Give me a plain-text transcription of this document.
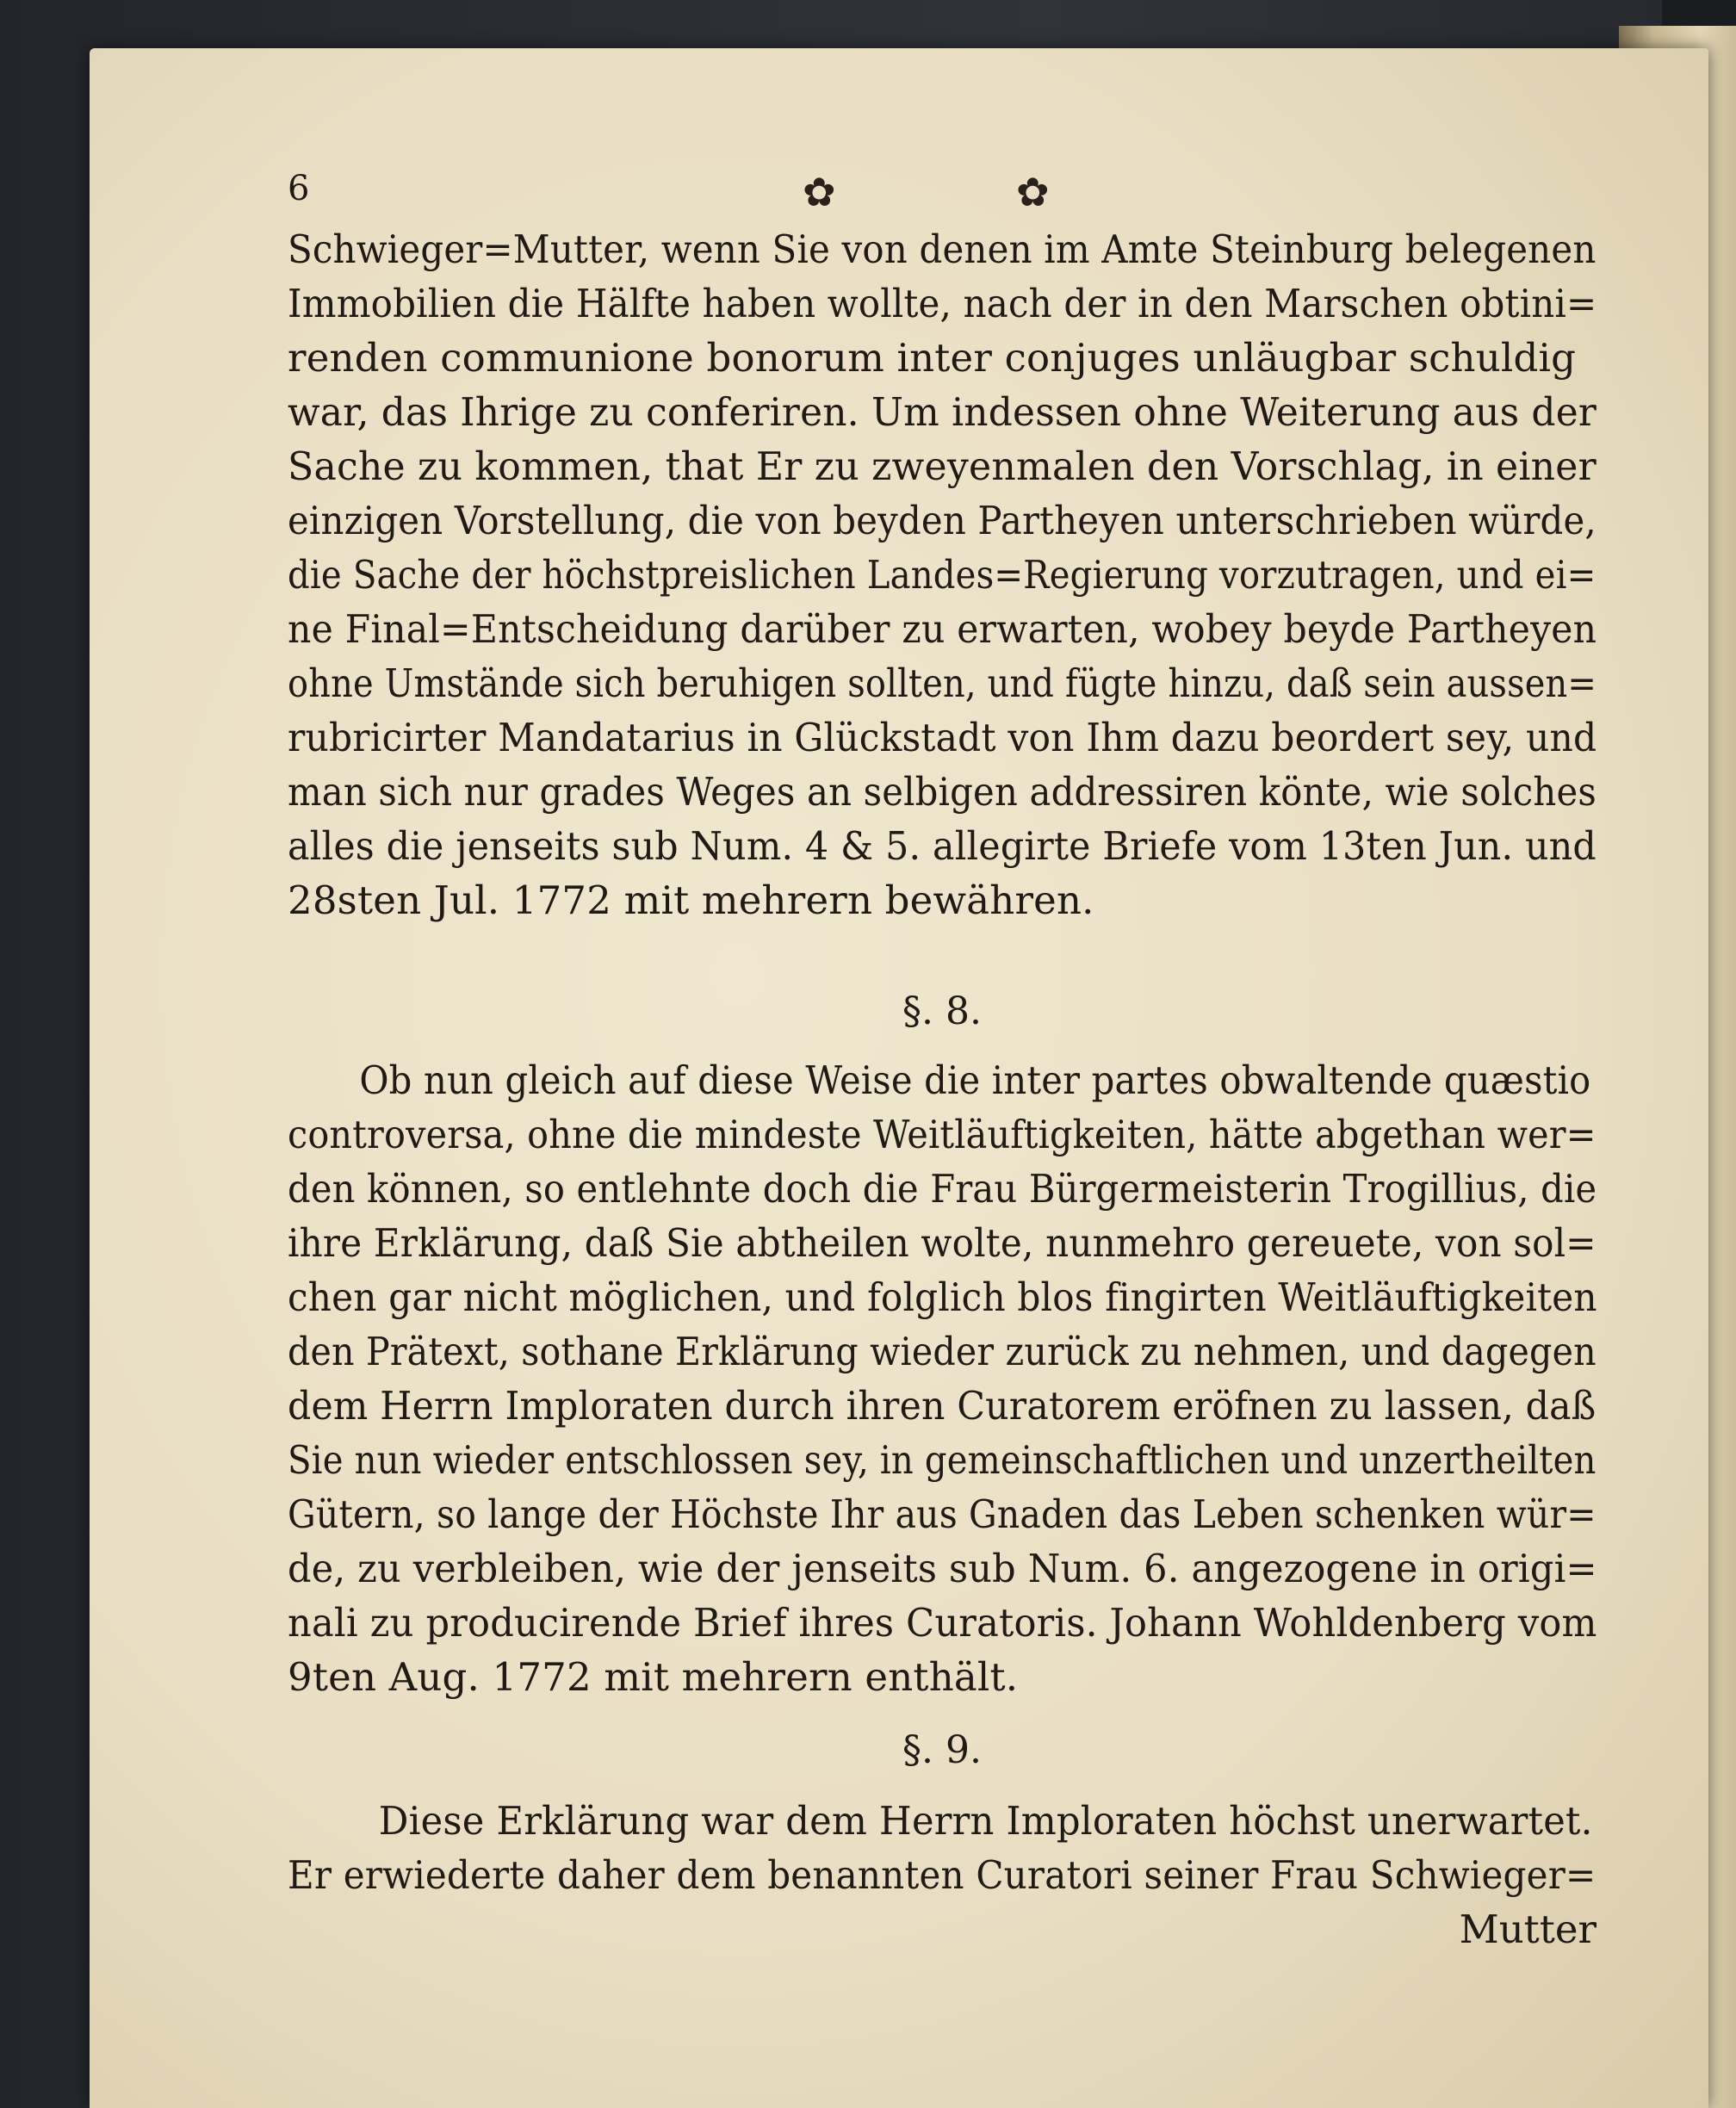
6	✿	✿

Schwieger=Mutter, wenn Sie von denen im Amte Steinburg belegenen
Immobilien die Hälfte haben wollte, nach der in den Marschen obtini=
renden communione bonorum inter conjuges unläugbar schuldig
war, das Ihrige zu conferiren. Um indessen ohne Weiterung aus der
Sache zu kommen, that Er zu zweyenmalen den Vorschlag, in einer
einzigen Vorstellung, die von beyden Partheyen unterschrieben würde,
die Sache der höchstpreislichen Landes=Regierung vorzutragen, und ei=
ne Final=Entscheidung darüber zu erwarten, wobey beyde Partheyen
ohne Umstände sich beruhigen sollten, und fügte hinzu, daß sein aussen=
rubricirter Mandatarius in Glückstadt von Ihm dazu beordert sey, und
man sich nur grades Weges an selbigen addressiren könte, wie solches
alles die jenseits sub Num. 4 & 5. allegirte Briefe vom 13ten Jun. und
28sten Jul. 1772 mit mehrern bewähren.

§. 8.

Ob nun gleich auf diese Weise die inter partes obwaltende quæstio
controversa, ohne die mindeste Weitläuftigkeiten, hätte abgethan wer=
den können, so entlehnte doch die Frau Bürgermeisterin Trogillius, die
ihre Erklärung, daß Sie abtheilen wolte, nunmehro gereuete, von sol=
chen gar nicht möglichen, und folglich blos fingirten Weitläuftigkeiten
den Prätext, sothane Erklärung wieder zurück zu nehmen, und dagegen
dem Herrn Imploraten durch ihren Curatorem eröfnen zu lassen, daß
Sie nun wieder entschlossen sey, in gemeinschaftlichen und unzertheilten
Gütern, so lange der Höchste Ihr aus Gnaden das Leben schenken wür=
de, zu verbleiben, wie der jenseits sub Num. 6. angezogene in origi=
nali zu producirende Brief ihres Curatoris. Johann Wohldenberg vom
9ten Aug. 1772 mit mehrern enthält.

§. 9.

Diese Erklärung war dem Herrn Imploraten höchst unerwartet.
Er erwiederte daher dem benannten Curatori seiner Frau Schwieger=

Mutter
